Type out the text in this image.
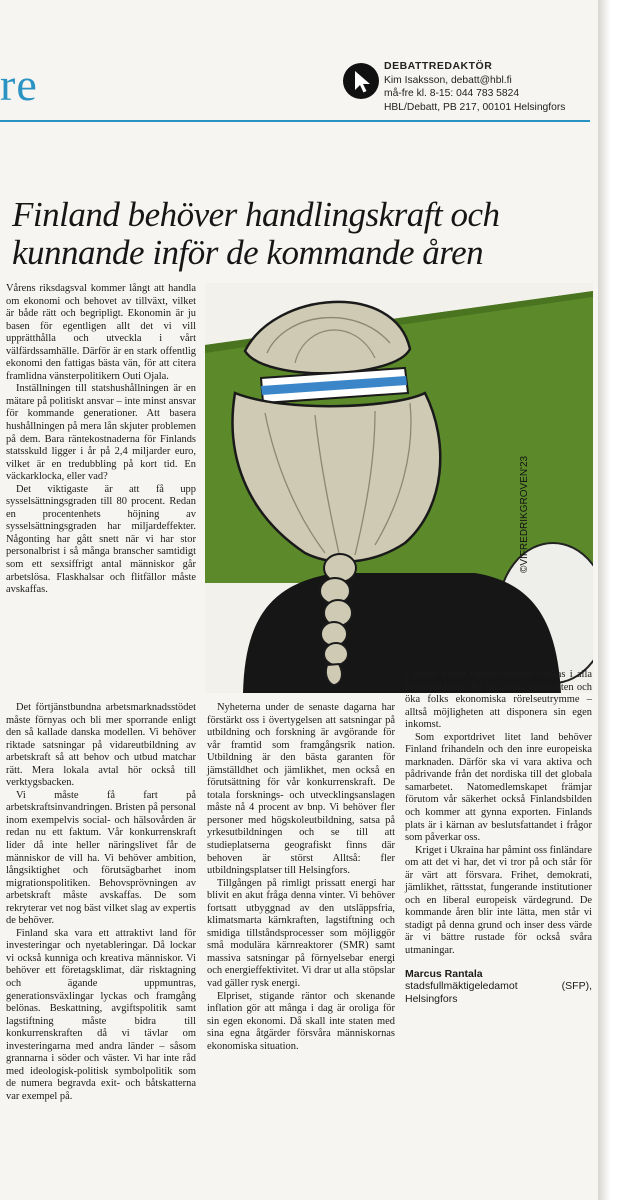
re	DEBATTREDAKTÖR
Kim Isaksson, debatt@hbl.fi
må-fre kl. 8-15: 044 783 5824
HBL/Debatt, PB 217, 00101 Helsingfors
Finland behöver handlingskraft och kunnande inför de kommande åren

Vårens riksdagsval kommer långt att handla om ekonomi och behovet av tillväxt, vilket är både rätt och begripligt. Ekonomin är ju basen för egentligen allt det vi vill upprätthålla och utveckla i vårt välfärdssamhälle. Därför är en stark offentlig ekonomi den fattigas bästa vän, för att citera framlidna vänsterpolitikern Outi Ojala.

Inställningen till statshushållningen är en mätare på politiskt ansvar – inte minst ansvar för kommande generationer. Att basera hushållningen på mera lån skjuter problemen på dem. Bara räntekostnaderna för Finlands statsskuld ligger i år på 2,4 miljarder euro, vilket är en tredubbling på kort tid. En väckarklocka, eller vad?

Det viktigaste är att få upp sysselsättningsgraden till 80 procent. Redan en procentenhets höjning av sysselsättningsgraden har miljardeffekter. Någonting har gått snett när vi har stor personalbrist i så många branscher samtidigt som ett sexsiffrigt antal människor går arbetslösa. Flaskhalsar och flitfällor måste avskaffas.

©VIFREDRIKGROVEN'23

Det förtjänstbundna arbetsmarknadsstödet måste förnyas och bli mer sporrande enligt den så kallade danska modellen. Vi behöver riktade satsningar på vidareutbildning av arbetskraft så att behov och utbud matchar rätt. Mera lokala avtal hör också till verktygsbacken.

Vi måste få fart på arbetskraftsinvandringen. Bristen på personal inom exempelvis social- och hälsovården är redan nu ett faktum. Vår konkurrenskraft lider då inte heller näringslivet får de människor de vill ha. Vi behöver ambition, långsiktighet och förutsägbarhet inom migrationspolitiken. Behovsprövningen av arbetskraft måste avskaffas. De som rekryterar vet nog bäst vilket slag av expertis de behöver.

Finland ska vara ett attraktivt land för investeringar och nyetableringar. Då lockar vi också kunniga och kreativa människor. Vi behöver ett företagsklimat, där risktagning och ägande uppmuntras, generationsväxlingar lyckas och framgång belönas. Beskattning, avgiftspolitik samt lagstiftning måste bidra till konkurrenskraften då vi tävlar om investeringarna med andra länder – såsom grannarna i söder och väster. Vi har inte råd med ideologisk-politisk symbolpolitik som de numera begravda exit- och båtskatterna var exempel på.

Nyheterna under de senaste dagarna har förstärkt oss i övertygelsen att satsningar på utbildning och forskning är avgörande för vår framtid som framgångsrik nation. Utbildning är den bästa garanten för jämställdhet och jämlikhet, men också en förutsättning för vår konkurrenskraft. De totala forsknings- och utvecklingsanslagen måste nå 4 procent av bnp. Vi behöver fler personer med högskoleutbildning, satsa på yrkesutbildningen och se till att studieplatserna geografiskt finns där behoven är störst Alltså: fler utbildningsplatser till Helsingfors.

Tillgången på rimligt prissatt energi har blivit en akut fråga denna vinter. Vi behöver fortsatt utbyggnad av den utsläppsfria, klimatsmarta kärnkraften, lagstiftning och smidiga tillståndsprocesser som möjliggör små modulära kärnreaktorer (SMR) samt massiva satsningar på förnyelsebar energi och energieffektivitet. Vi drar ut alla stöpslar vad gäller rysk energi.

Elpriset, stigande räntor och skenande inflation gör att många i dag är oroliga för sin egen ekonomi. Då skall inte staten med sina egna åtgärder försvåra människornas ekonomiska situation.

I stället borde inkomstskatten sänkas i alla inkomstklasser för att stödja köpkraften och öka folks ekonomiska rörelseutrymme – alltså möjligheten att disponera sin egen inkomst.

Som exportdrivet litet land behöver Finland frihandeln och den inre europeiska marknaden. Därför ska vi vara aktiva och pådrivande från det nordiska till det globala samarbetet. Natomedlemskapet främjar förutom vår säkerhet också Finlandsbilden och kommer att gynna exporten. Finlands plats är i kärnan av beslutsfattandet i frågor som påverkar oss.

Kriget i Ukraina har påmint oss finländare om att det vi har, det vi tror på och står för är värt att försvara. Frihet, demokrati, jämlikhet, rättsstat, fungerande institutioner och en liberal europeisk värdegrund. De kommande åren blir inte lätta, men står vi stadigt på denna grund och inser dess värde är vi bättre rustade för också svåra utmaningar.

Marcus Rantala
stadsfullmäktigeledamot (SFP),
Helsingfors
